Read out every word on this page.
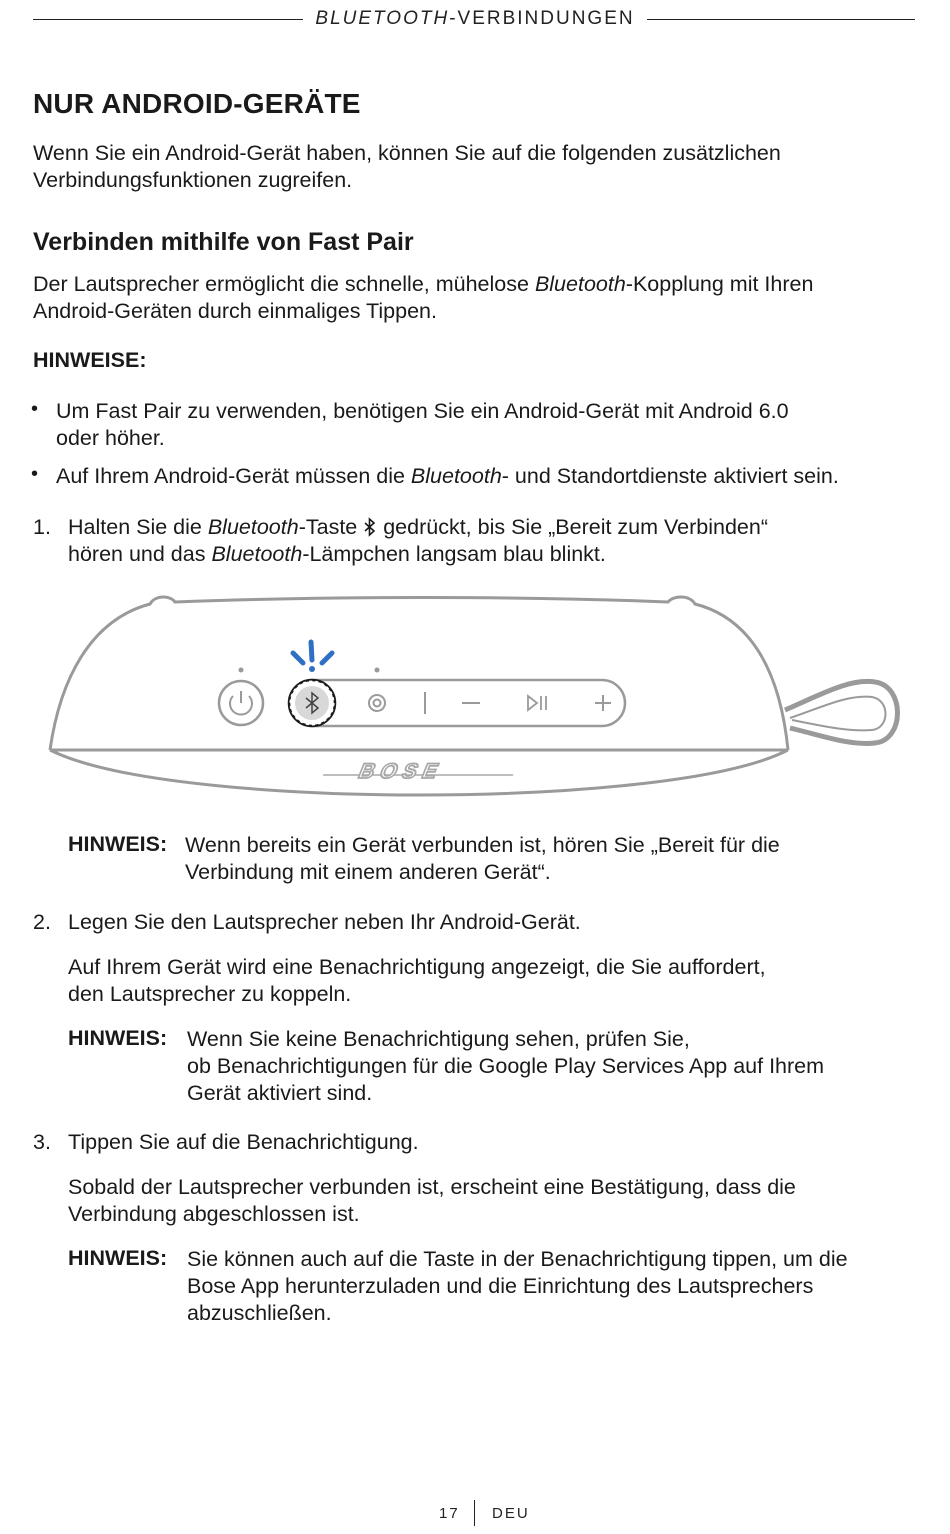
BLUETOOTH-VERBINDUNGEN
NUR ANDROID-GERÄTE
Wenn Sie ein Android-Gerät haben, können Sie auf die folgenden zusätzlichen
Verbindungsfunktionen zugreifen.
Verbinden mithilfe von Fast Pair
Der Lautsprecher ermöglicht die schnelle, mühelose Bluetooth-Kopplung mit Ihren
Android-Geräten durch einmaliges Tippen.
HINWEISE:
• Um Fast Pair zu verwenden, benötigen Sie ein Android-Gerät mit Android 6.0
oder höher.
• Auf Ihrem Android-Gerät müssen die Bluetooth- und Standortdienste aktiviert sein.
1. Halten Sie die Bluetooth-Taste  gedrückt, bis Sie „Bereit zum Verbinden“
hören und das Bluetooth-Lämpchen langsam blau blinkt.
BOSE
HINWEIS: Wenn bereits ein Gerät verbunden ist, hören Sie „Bereit für die
Verbindung mit einem anderen Gerät“.
2. Legen Sie den Lautsprecher neben Ihr Android-Gerät.
Auf Ihrem Gerät wird eine Benachrichtigung angezeigt, die Sie auffordert,
den Lautsprecher zu koppeln.
HINWEIS: Wenn Sie keine Benachrichtigung sehen, prüfen Sie,
ob Benachrichtigungen für die Google Play Services App auf Ihrem
Gerät aktiviert sind.
3. Tippen Sie auf die Benachrichtigung.
Sobald der Lautsprecher verbunden ist, erscheint eine Bestätigung, dass die
Verbindung abgeschlossen ist.
HINWEIS: Sie können auch auf die Taste in der Benachrichtigung tippen, um die
Bose App herunterzuladen und die Einrichtung des Lautsprechers
abzuschließen.
17 DEU
